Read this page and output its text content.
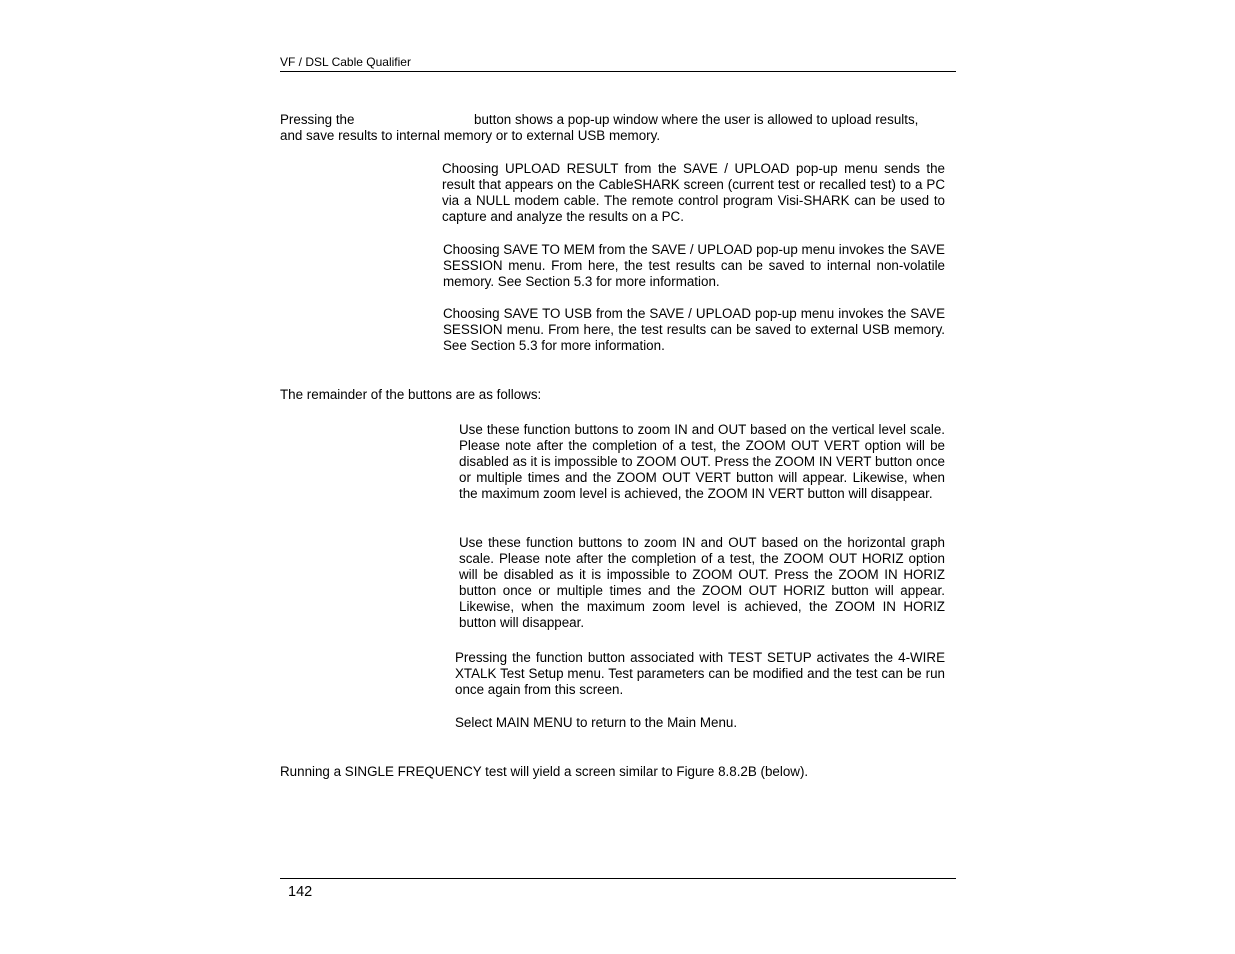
VF / DSL Cable Qualifier
Pressing the	button shows a pop-up window where the user is allowed to upload results,
and save results to internal memory or to external USB memory.
Choosing UPLOAD RESULT from the SAVE / UPLOAD pop-up menu sends the result that appears on the CableSHARK screen (current test or recalled test) to a PC via a NULL modem cable. The remote control program Visi-SHARK can be used to capture and analyze the results on a PC.
Choosing SAVE TO MEM from the SAVE / UPLOAD pop-up menu invokes the SAVE SESSION menu. From here, the test results can be saved to internal non-volatile memory. See Section 5.3 for more information.
Choosing SAVE TO USB from the SAVE / UPLOAD pop-up menu invokes the SAVE SESSION menu. From here, the test results can be saved to external USB memory. See Section 5.3 for more information.
The remainder of the buttons are as follows:
Use these function buttons to zoom IN and OUT based on the vertical level scale. Please note after the completion of a test, the ZOOM OUT VERT option will be disabled as it is impossible to ZOOM OUT. Press the ZOOM IN VERT button once or multiple times and the ZOOM OUT VERT button will appear. Likewise, when the maximum zoom level is achieved, the ZOOM IN VERT button will disappear.
Use these function buttons to zoom IN and OUT based on the horizontal graph scale. Please note after the completion of a test, the ZOOM OUT HORIZ option will be disabled as it is impossible to ZOOM OUT. Press the ZOOM IN HORIZ button once or multiple times and the ZOOM OUT HORIZ button will appear. Likewise, when the maximum zoom level is achieved, the ZOOM IN HORIZ button will disappear.
Pressing the function button associated with TEST SETUP activates the 4-WIRE XTALK Test Setup menu. Test parameters can be modified and the test can be run once again from this screen.
Select MAIN MENU to return to the Main Menu.
Running a SINGLE FREQUENCY test will yield a screen similar to Figure 8.8.2B (below).
142
